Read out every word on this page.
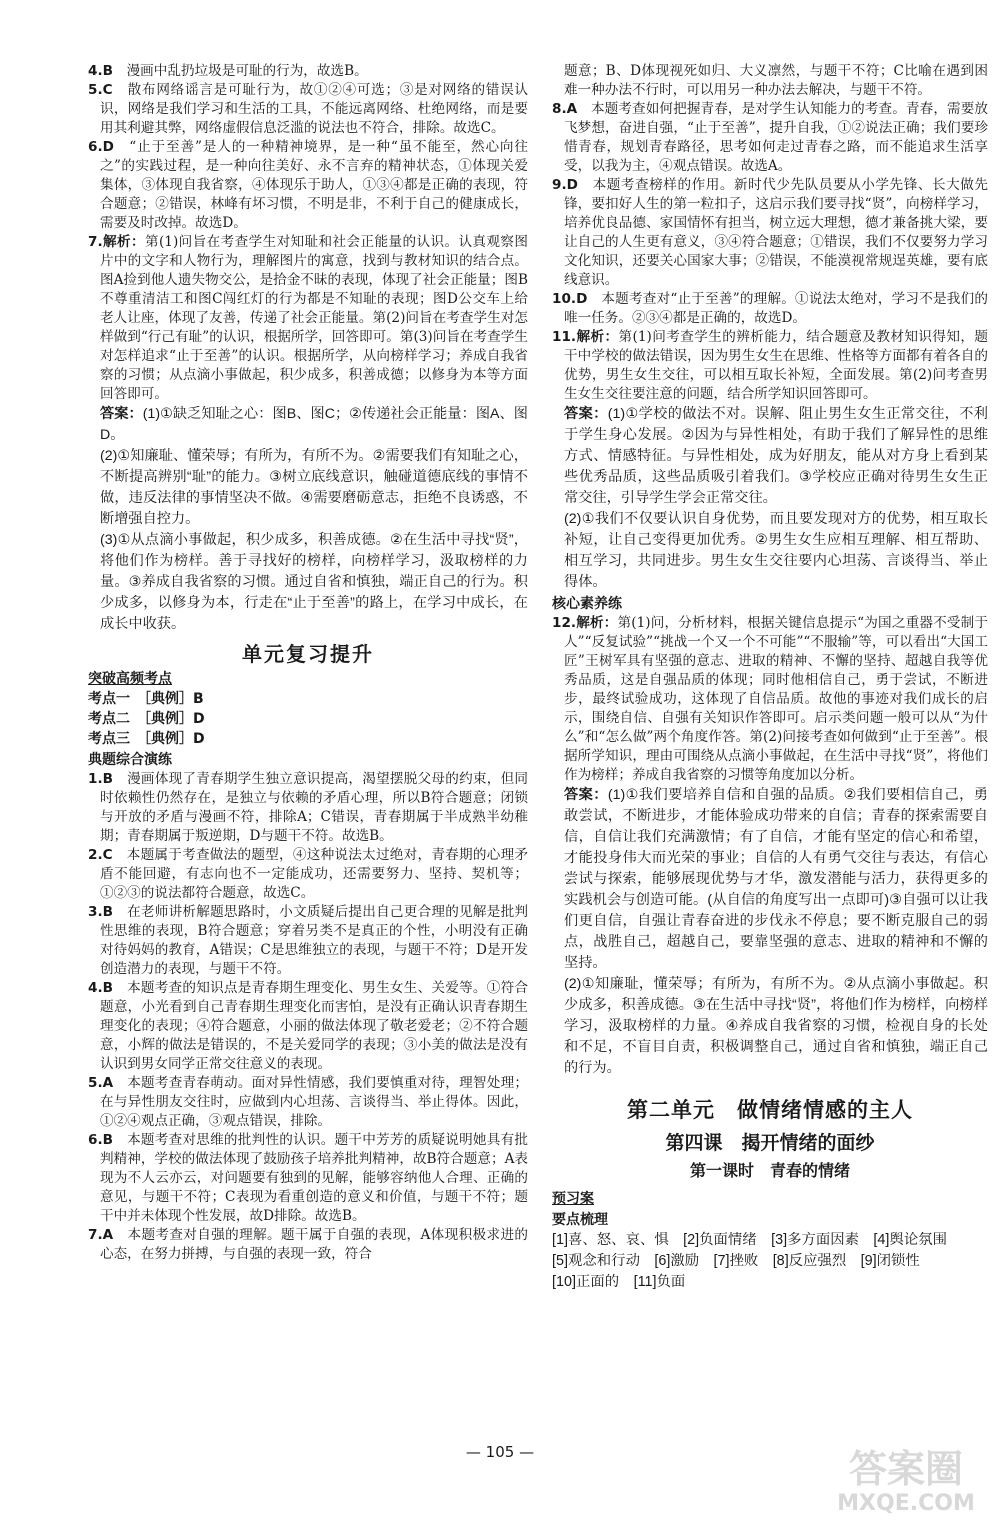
4.B　 漫画中乱扔垃圾是可耻的行为，故选B。
5.C　 散布网络谣言是可耻行为，故①②④可选；③是对网络的错误认识，网络是我们学习和生活的工具，不能远离网络、杜绝网络，而是要用其利避其弊，网络虚假信息泛滥的说法也不符合，排除。故选C。
6.D　 “止于至善”是人的一种精神境界，是一种“虽不能至，然心向往之”的实践过程，是一种向往美好、永不言弃的精神状态，①体现关爱集体，③体现自我省察，④体现乐于助人，①③④都是正确的表现，符合题意；②错误，林峰有坏习惯，不明是非，不利于自己的健康成长，需要及时改掉。故选D。
7.解析：第(1)问旨在考查学生对知耻和社会正能量的认识。认真观察图片中的文字和人物行为，理解图片的寓意，找到与教材知识的结合点。图A捡到他人遗失物交公，是拾金不昧的表现，体现了社会正能量；图B不尊重清洁工和图C闯红灯的行为都是不知耻的表现；图D公交车上给老人让座，体现了友善，传递了社会正能量。第(2)问旨在考查学生对怎样做到“行己有耻”的认识，根据所学，回答即可。第(3)问旨在考查学生对怎样追求“止于至善”的认识。根据所学，从向榜样学习；养成自我省察的习惯；从点滴小事做起，积少成多，积善成德；以修身为本等方面回答即可。
答案：(1)①缺乏知耻之心：图B、图C；②传递社会正能量：图A、图D。
(2)①知廉耻、懂荣辱；有所为，有所不为。②需要我们有知耻之心，不断提高辨别“耻”的能力。③树立底线意识，触碰道德底线的事情不做，违反法律的事情坚决不做。④需要磨砺意志，拒绝不良诱惑，不断增强自控力。
(3)①从点滴小事做起，积少成多，积善成德。②在生活中寻找“贤”，将他们作为榜样。善于寻找好的榜样，向榜样学习，汲取榜样的力量。③养成自我省察的习惯。通过自省和慎独，端正自己的行为。积少成多，以修身为本，行走在“止于至善”的路上，在学习中成长，在成长中收获。
单元复习提升
突破高频考点
考点一　［典例］B
考点二　［典例］D
考点三　［典例］D
典题综合演练
1.B　 漫画体现了青春期学生独立意识提高，渴望摆脱父母的约束，但同时依赖性仍然存在，是独立与依赖的矛盾心理，所以B符合题意；闭锁与开放的矛盾与漫画不符，排除A；C错误，青春期属于半成熟半幼稚期；青春期属于叛逆期，D与题干不符。故选B。
2.C　 本题属于考查做法的题型，④这种说法太过绝对，青春期的心理矛盾不能回避，有志向也不一定能成功，还需要努力、坚持、契机等；①②③的说法都符合题意，故选C。
3.B　 在老师讲析解题思路时，小文质疑后提出自己更合理的见解是批判性思维的表现，B符合题意；穿着另类不是真正的个性，小明没有正确对待妈妈的教育，A错误；C是思维独立的表现，与题干不符；D是开发创造潜力的表现，与题干不符。
4.B　 本题考查的知识点是青春期生理变化、男生女生、关爱等。①符合题意，小光看到自己青春期生理变化而害怕，是没有正确认识青春期生理变化的表现；④符合题意，小丽的做法体现了敬老爱老；②不符合题意，小辉的做法是错误的，不是关爱同学的表现；③小美的做法是没有认识到男女同学正常交往意义的表现。
5.A　 本题考查青春萌动。面对异性情感，我们要慎重对待，理智处理；在与异性朋友交往时，应做到内心坦荡、言谈得当、举止得体。因此，①②④观点正确，③观点错误，排除。
6.B　 本题考查对思维的批判性的认识。题干中芳芳的质疑说明她具有批判精神，学校的做法体现了鼓励孩子培养批判精神，故B符合题意；A表现为不人云亦云，对问题要有独到的见解，能够容纳他人合理、正确的意见，与题干不符；C表现为看重创造的意义和价值，与题干不符；题干中并未体现个性发展，故D排除。故选B。
7.A　 本题考查对自强的理解。题干属于自强的表现，A体现积极求进的心态，在努力拼搏，与自强的表现一致，符合
题意；B、D体现视死如归、大义凛然，与题干不符；C比喻在遇到困难一种办法不行时，可以用另一种办法去解决，与题干不符。
8.A　 本题考查如何把握青春，是对学生认知能力的考查。青春，需要放飞梦想，奋进自强，“止于至善”，提升自我，①②说法正确；我们要珍惜青春，规划青春路径，思考如何走过青春之路，而不能追求生活享受，以我为主，④观点错误。故选A。
9.D　 本题考查榜样的作用。新时代少先队员要从小学先锋、长大做先锋，要扣好人生的第一粒扣子，这启示我们要寻找“贤”，向榜样学习，培养优良品德、家国情怀有担当，树立远大理想，德才兼备挑大梁，要让自己的人生更有意义，③④符合题意；①错误，我们不仅要努力学习文化知识，还要关心国家大事；②错误，不能漠视常规逞英雄，要有底线意识。
10.D　 本题考查对“止于至善”的理解。①说法太绝对，学习不是我们的唯一任务。②③④都是正确的，故选D。
11.解析：第(1)问考查学生的辨析能力，结合题意及教材知识得知，题干中学校的做法错误，因为男生女生在思维、性格等方面都有着各自的优势，男生女生交往，可以相互取长补短，全面发展。第(2)问考查男生女生交往要注意的问题，结合所学知识回答即可。
答案：(1)①学校的做法不对。误解、阻止男生女生正常交往，不利于学生身心发展。②因为与异性相处，有助于我们了解异性的思维方式、情感特征。与异性相处，成为好朋友，能从对方身上看到某些优秀品质，这些品质吸引着我们。③学校应正确对待男生女生正常交往，引导学生学会正常交往。
(2)①我们不仅要认识自身优势，而且要发现对方的优势，相互取长补短，让自己变得更加优秀。②男生女生应相互理解、相互帮助、相互学习，共同进步。男生女生交往要内心坦荡、言谈得当、举止得体。
核心素养练
12.解析：第(1)问，分析材料，根据关键信息提示“为国之重器不受制于人”“反复试验”“挑战一个又一个不可能”“不服输”等，可以看出“大国工匠”王树军具有坚强的意志、进取的精神、不懈的坚持、超越自我等优秀品质，这是自强品质的体现；同时他相信自己，勇于尝试，不断进步，最终试验成功，这体现了自信品质。故他的事迹对我们成长的启示，围绕自信、自强有关知识作答即可。启示类问题一般可以从“为什么”和“怎么做”两个角度作答。第(2)问接考查如何做到“止于至善”。根据所学知识，理由可围绕从点滴小事做起，在生活中寻找“贤”，将他们作为榜样；养成自我省察的习惯等角度加以分析。
答案：(1)①我们要培养自信和自强的品质。②我们要相信自己，勇敢尝试，不断进步，才能体验成功带来的自信；青春的探索需要自信，自信让我们充满激情；有了自信，才能有坚定的信心和希望，才能投身伟大而光荣的事业；自信的人有勇气交往与表达，有信心尝试与探索，能够展现优势与才华，激发潜能与活力，获得更多的实践机会与创造可能。(从自信的角度写出一点即可)③自强可以让我们更自信，自强让青春奋进的步伐永不停息；要不断克服自己的弱点，战胜自己，超越自己，要靠坚强的意志、进取的精神和不懈的坚持。
(2)①知廉耻，懂荣辱；有所为，有所不为。②从点滴小事做起。积少成多，积善成德。③在生活中寻找“贤”，将他们作为榜样，向榜样学习，汲取榜样的力量。④养成自我省察的习惯，检视自身的长处和不足，不盲目自责，积极调整自己，通过自省和慎独，端正自己的行为。
第二单元　做情绪情感的主人
第四课　揭开情绪的面纱
第一课时　青春的情绪
预习案
要点梳理
[1]喜、怒、哀、惧　[2]负面情绪　[3]多方面因素　[4]舆论氛围
[5]观念和行动　[6]激励　[7]挫败　[8]反应强烈　[9]闭锁性
[10]正面的　[11]负面
— 105 —	答案圈
MXQE.COM
